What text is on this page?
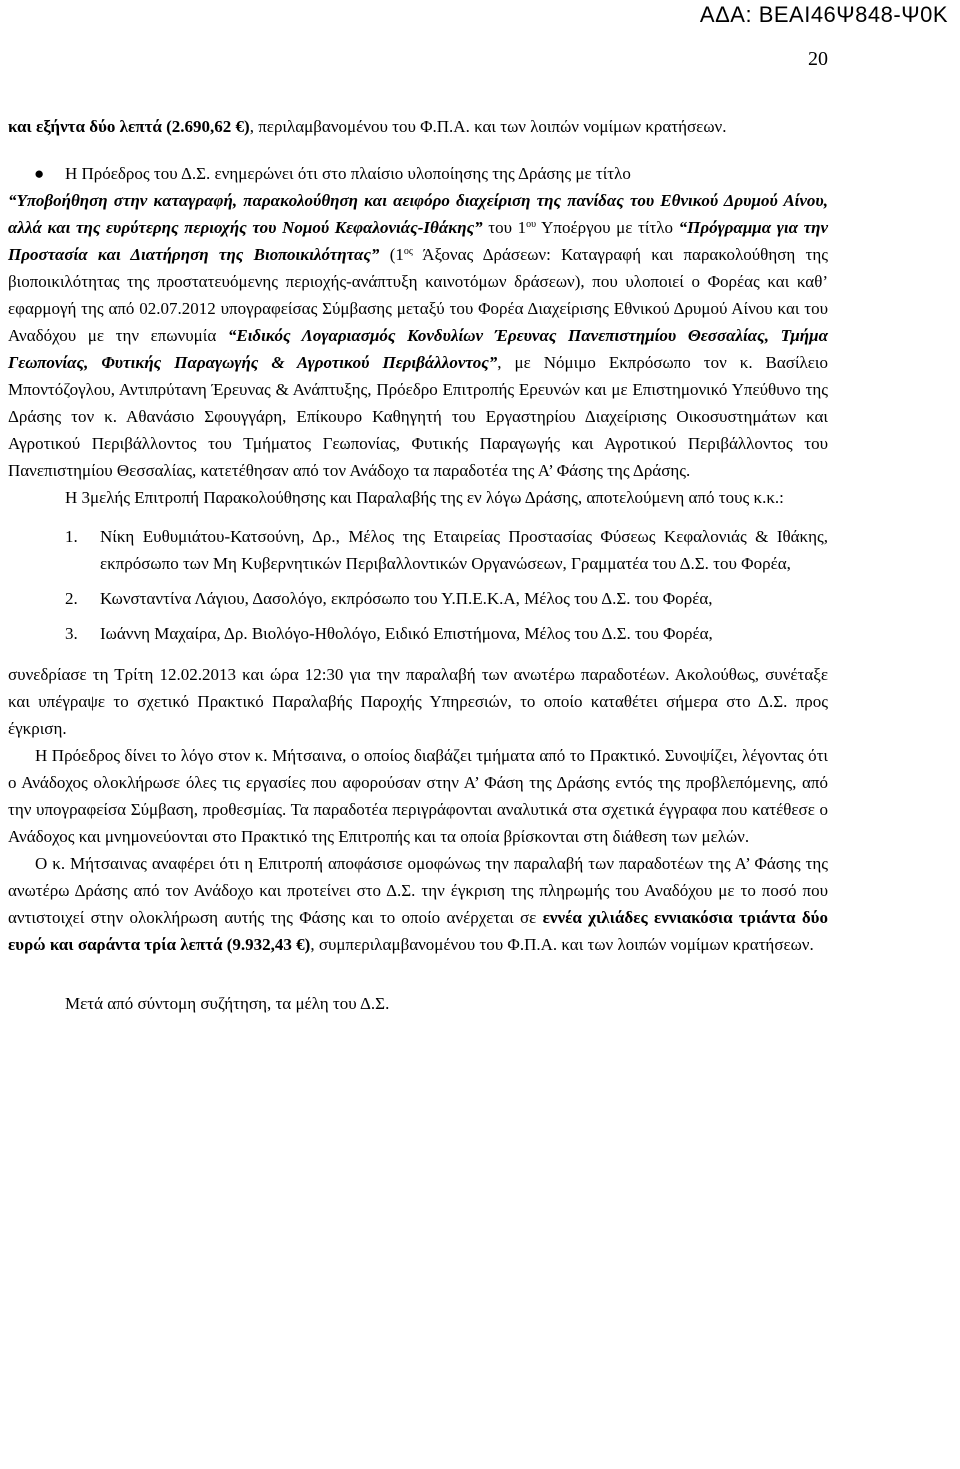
ΑΔΑ: ΒΕΑΙ46Ψ848-Ψ0Κ
20

και εξήντα δύο λεπτά (2.690,62 €), περιλαμβανομένου του Φ.Π.Α. και των λοιπών νομίμων κρατήσεων.

● Η Πρόεδρος του Δ.Σ. ενημερώνει ότι στο πλαίσιο υλοποίησης της Δράσης με τίτλο

“Υποβοήθηση στην καταγραφή, παρακολούθηση και αειφόρο διαχείριση της πανίδας του Εθνικού Δρυμού Αίνου, αλλά και της ευρύτερης περιοχής του Νομού Κεφαλονιάς-Ιθάκης” του $1^{o\upsilon}$ Υποέργου με τίτλο “Πρόγραμμα για την Προστασία και Διατήρηση της Βιοποικιλότητας” ($1^{o\varsigma}$ Άξονας Δράσεων: Καταγραφή και παρακολούθηση της βιοποικιλότητας της προστατευόμενης περιοχής-ανάπτυξη καινοτόμων δράσεων), που υλοποιεί ο Φορέας και καθ’ εφαρμογή της από 02.07.2012 υπογραφείσας Σύμβασης μεταξύ του Φορέα Διαχείρισης Εθνικού Δρυμού Αίνου και του Αναδόχου με την επωνυμία “Ειδικός Λογαριασμός Κονδυλίων Έρευνας Πανεπιστημίου Θεσσαλίας, Τμήμα Γεωπονίας, Φυτικής Παραγωγής & Αγροτικού Περιβάλλοντος”, με Νόμιμο Εκπρόσωπο τον κ. Βασίλειο Μποντόζογλου, Αντιπρύτανη Έρευνας & Ανάπτυξης, Πρόεδρο Επιτροπής Ερευνών και με Επιστημονικό Υπεύθυνο της Δράσης τον κ. Αθανάσιο Σφουγγάρη, Επίκουρο Καθηγητή του Εργαστηρίου Διαχείρισης Οικοσυστημάτων και Αγροτικού Περιβάλλοντος του Τμήματος Γεωπονίας, Φυτικής Παραγωγής και Αγροτικού Περιβάλλοντος του Πανεπιστημίου Θεσσαλίας, κατετέθησαν από τον Ανάδοχο τα παραδοτέα της Α’ Φάσης της Δράσης.

Η 3μελής Επιτροπή Παρακολούθησης και Παραλαβής της εν λόγω Δράσης, αποτελούμενη από τους κ.κ.:

1. Νίκη Ευθυμιάτου-Κατσούνη, Δρ., Μέλος της Εταιρείας Προστασίας Φύσεως Κεφαλονιάς & Ιθάκης, εκπρόσωπο των Μη Κυβερνητικών Περιβαλλοντικών Οργανώσεων, Γραμματέα του Δ.Σ. του Φορέα,
2. Κωνσταντίνα Λάγιου, Δασολόγο, εκπρόσωπο του Υ.Π.Ε.Κ.Α, Μέλος του Δ.Σ. του Φορέα,
3. Ιωάννη Μαχαίρα, Δρ. Βιολόγο-Ηθολόγο, Ειδικό Επιστήμονα, Μέλος του Δ.Σ. του Φορέα,

συνεδρίασε τη Τρίτη 12.02.2013 και ώρα 12:30 για την παραλαβή των ανωτέρω παραδοτέων. Ακολούθως, συνέταξε και υπέγραψε το σχετικό Πρακτικό Παραλαβής Παροχής Υπηρεσιών, το οποίο καταθέτει σήμερα στο Δ.Σ. προς έγκριση.

Η Πρόεδρος δίνει το λόγο στον κ. Μήτσαινα, ο οποίος διαβάζει τμήματα από το Πρακτικό. Συνοψίζει, λέγοντας ότι ο Ανάδοχος ολοκλήρωσε όλες τις εργασίες που αφορούσαν στην Α’ Φάση της Δράσης εντός της προβλεπόμενης, από την υπογραφείσα Σύμβαση, προθεσμίας. Τα παραδοτέα περιγράφονται αναλυτικά στα σχετικά έγγραφα που κατέθεσε ο Ανάδοχος και μνημονεύονται στο Πρακτικό της Επιτροπής και τα οποία βρίσκονται στη διάθεση των μελών.

Ο κ. Μήτσαινας αναφέρει ότι η Επιτροπή αποφάσισε ομοφώνως την παραλαβή των παραδοτέων της Α’ Φάσης της ανωτέρω Δράσης από τον Ανάδοχο και προτείνει στο Δ.Σ. την έγκριση της πληρωμής του Αναδόχου με το ποσό που αντιστοιχεί στην ολοκλήρωση αυτής της Φάσης και το οποίο ανέρχεται σε εννέα χιλιάδες εννιακόσια τριάντα δύο ευρώ και σαράντα τρία λεπτά (9.932,43 €), συμπεριλαμβανομένου του Φ.Π.Α. και των λοιπών νομίμων κρατήσεων.

Μετά από σύντομη συζήτηση, τα μέλη του Δ.Σ.
